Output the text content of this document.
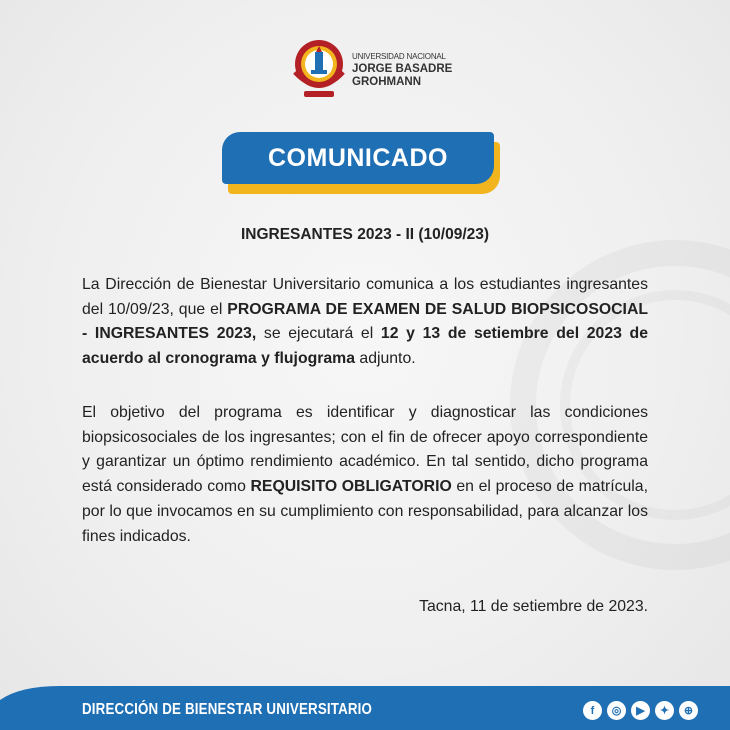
UNIVERSIDAD NACIONAL
JORGE BASADRE
GROHMANN
COMUNICADO
INGRESANTES 2023 - II (10/09/23)
La Dirección de Bienestar Universitario comunica a los estudiantes ingresantes del 10/09/23, que el PROGRAMA DE EXAMEN DE SALUD BIOPSICOSOCIAL - INGRESANTES 2023, se ejecutará el 12 y 13 de setiembre del 2023 de acuerdo al cronograma y flujograma adjunto.
El objetivo del programa es identificar y diagnosticar las condiciones biopsicosociales de los ingresantes; con el fin de ofrecer apoyo correspondiente y garantizar un óptimo rendimiento académico. En tal sentido, dicho programa está considerado como REQUISITO OBLIGATORIO en el proceso de matrícula, por lo que invocamos en su cumplimiento con responsabilidad, para alcanzar los fines indicados.
Tacna, 11 de setiembre de 2023.
DIRECCIÓN DE BIENESTAR UNIVERSITARIO	f	◎	▶	✦	⊕
